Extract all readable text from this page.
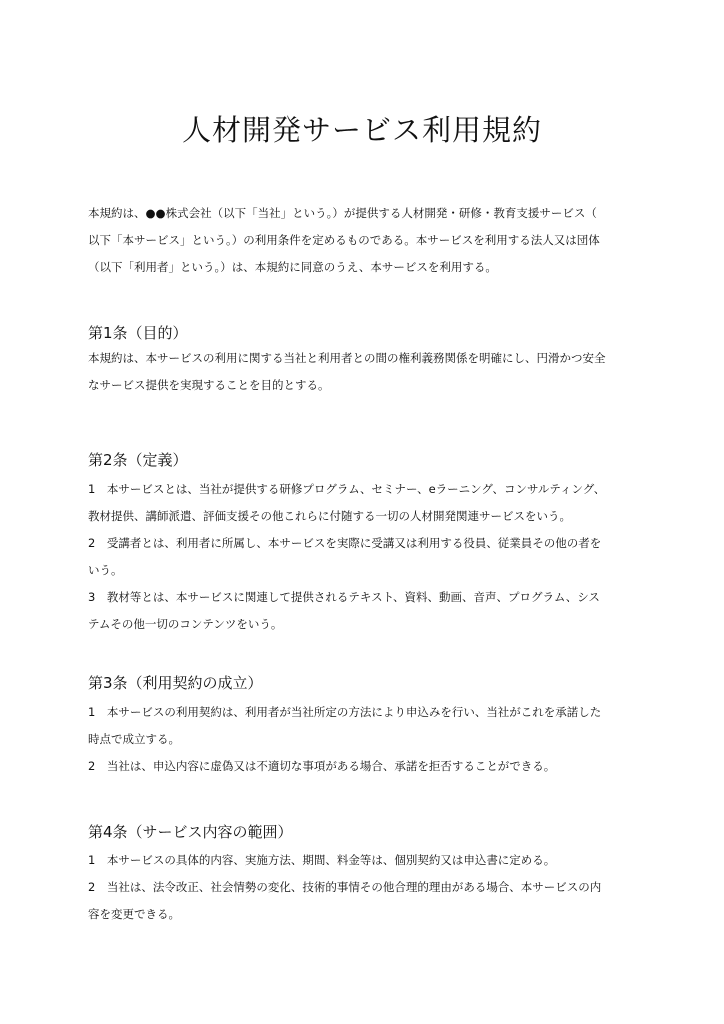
人材開発サービス利用規約
本規約は、●●株式会社（以下「当社」という。）が提供する人材開発・研修・教育支援サービス（
以下「本サービス」という。）の利用条件を定めるものである。本サービスを利用する法人又は団体
（以下「利用者」という。）は、本規約に同意のうえ、本サービスを利用する。
第1条（目的）
本規約は、本サービスの利用に関する当社と利用者との間の権利義務関係を明確にし、円滑かつ安全
なサービス提供を実現することを目的とする。
第2条（定義）
1　本サービスとは、当社が提供する研修プログラム、セミナー、eラーニング、コンサルティング、
教材提供、講師派遣、評価支援その他これらに付随する一切の人材開発関連サービスをいう。
2　受講者とは、利用者に所属し、本サービスを実際に受講又は利用する役員、従業員その他の者を
いう。
3　教材等とは、本サービスに関連して提供されるテキスト、資料、動画、音声、プログラム、シス
テムその他一切のコンテンツをいう。
第3条（利用契約の成立）
1　本サービスの利用契約は、利用者が当社所定の方法により申込みを行い、当社がこれを承諾した
時点で成立する。
2　当社は、申込内容に虚偽又は不適切な事項がある場合、承諾を拒否することができる。
第4条（サービス内容の範囲）
1　本サービスの具体的内容、実施方法、期間、料金等は、個別契約又は申込書に定める。
2　当社は、法令改正、社会情勢の変化、技術的事情その他合理的理由がある場合、本サービスの内
容を変更できる。
